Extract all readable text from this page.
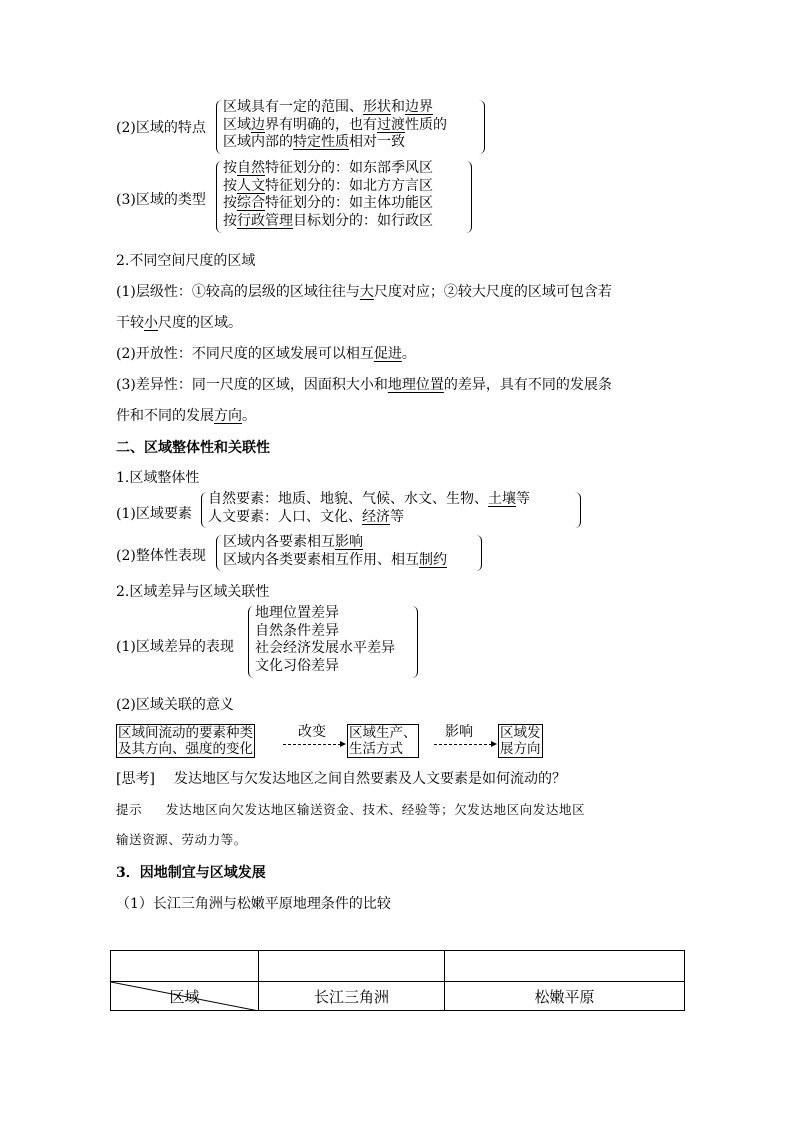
(2)区域的特点
区域具有一定的范围、形状和边界
区域边界有明确的，也有过渡性质的
区域内部的特定性质相对一致
(3)区域的类型
按自然特征划分的：如东部季风区
按人文特征划分的：如北方方言区
按综合特征划分的：如主体功能区
按行政管理目标划分的：如行政区
2.不同空间尺度的区域
(1)层级性：①较高的层级的区域往往与大尺度对应；②较大尺度的区域可包含若
干较小尺度的区域。
(2)开放性：不同尺度的区域发展可以相互促进。
(3)差异性：同一尺度的区域，因面积大小和地理位置的差异，具有不同的发展条
件和不同的发展方向。
二、区域整体性和关联性
1.区域整体性
(1)区域要素
自然要素：地质、地貌、气候、水文、生物、土壤等
人文要素：人口、文化、经济等
(2)整体性表现
区域内各要素相互影响
区域内各类要素相互作用、相互制约
2.区域差异与区域关联性
(1)区域差异的表现
地理位置差异
自然条件差异
社会经济发展水平差异
文化习俗差异
(2)区域关联的意义
区域间流动的要素种类
及其方向、强度的变化
改变 区域生产、
生活方式
影响 区域发
展方向
[思考] 发达地区与欠发达地区之间自然要素及人文要素是如何流动的？
提示 发达地区向欠发达地区输送资金、技术、经验等；欠发达地区向发达地区
输送资源、劳动力等。
3．因地制宜与区域发展
（1）长江三角洲与松嫩平原地理条件的比较

区域	长江三角洲	松嫩平原
